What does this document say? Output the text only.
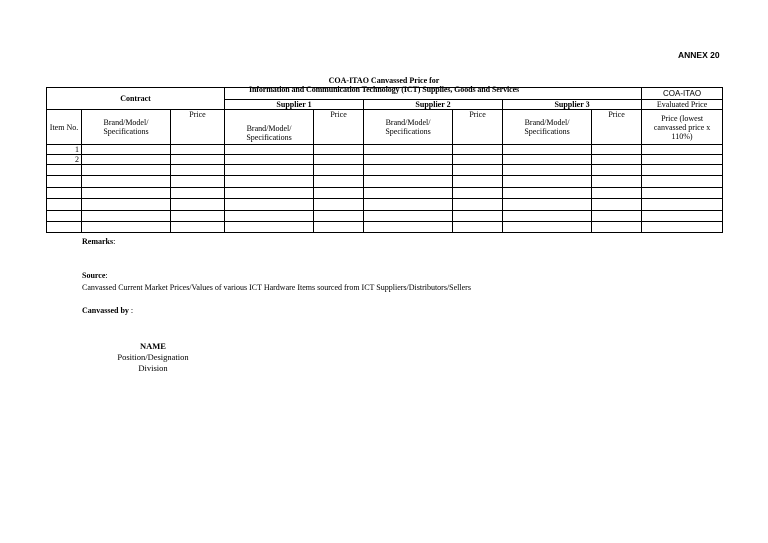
ANNEX 20
COA-ITAO Canvassed Price for
Information and Communication Technology (ICT) Supplies, Goods and Services
Contract									COA-ITAO
			Supplier 1		Supplier 2		Supplier 3		Evaluated Price
Item No.	Brand/Model/ Specifications	Price	Brand/Model/ Specifications	Price	Brand/Model/ Specifications	Price	Brand/Model/ Specifications	Price	Price (lowest canvassed price x 110%)
1									
2									

Remarks:
Source:
Canvassed Current Market Prices/Values of various ICT Hardware Items sourced from ICT Suppliers/Distributors/Sellers
Canvassed by :
NAME
Position/Designation
Division
